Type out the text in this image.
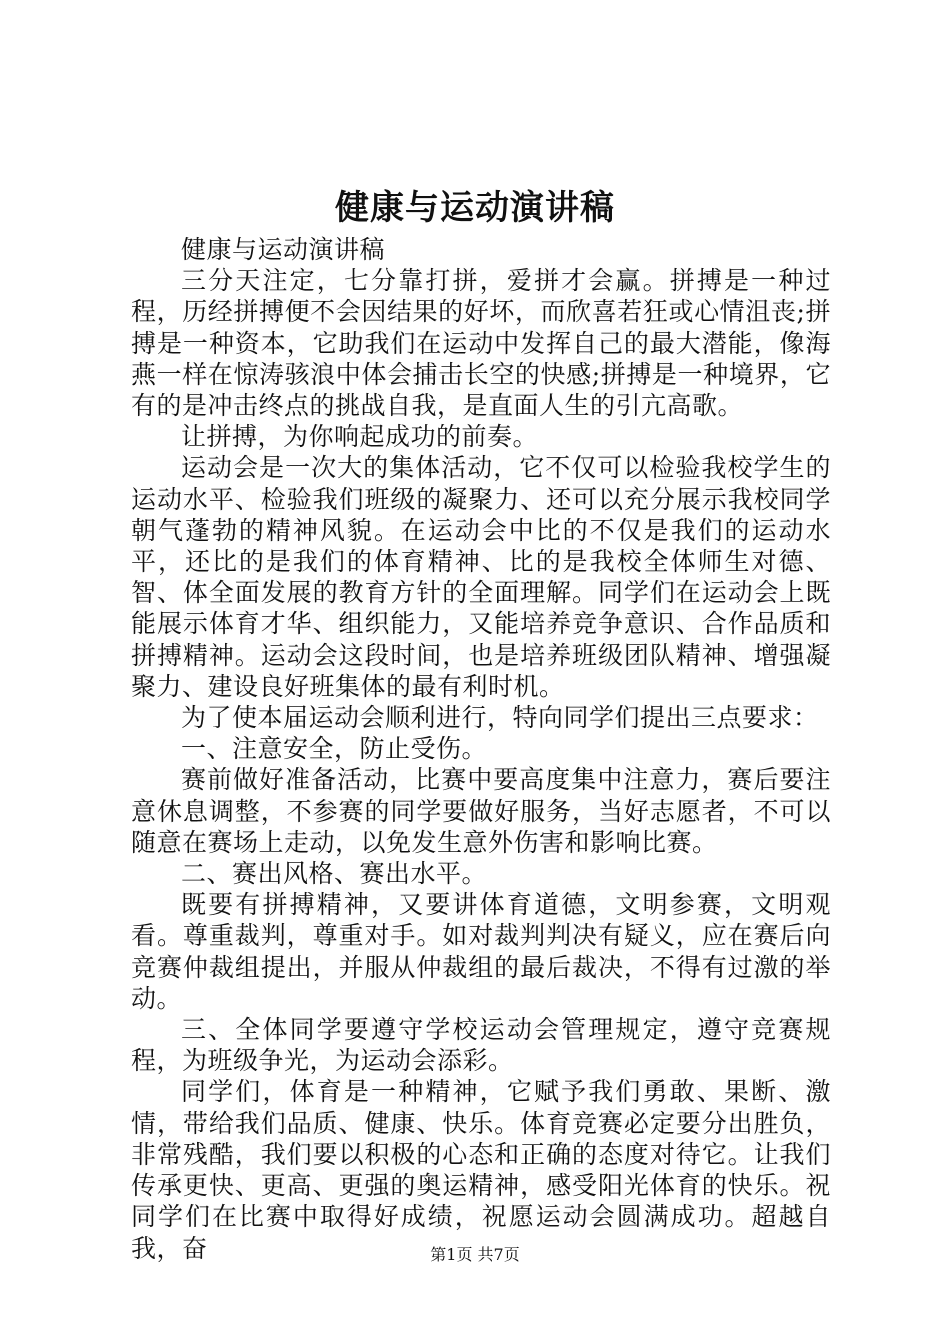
健康与运动演讲稿

健康与运动演讲稿

三分天注定，七分靠打拼，爱拼才会赢。拼搏是一种过程，历经拼搏便不会因结果的好坏，而欣喜若狂或心情沮丧;拼搏是一种资本，它助我们在运动中发挥自己的最大潜能，像海燕一样在惊涛骇浪中体会捕击长空的快感;拼搏是一种境界，它有的是冲击终点的挑战自我，是直面人生的引亢高歌。

让拼搏，为你响起成功的前奏。

运动会是一次大的集体活动，它不仅可以检验我校学生的运动水平、检验我们班级的凝聚力、还可以充分展示我校同学朝气蓬勃的精神风貌。在运动会中比的不仅是我们的运动水平，还比的是我们的体育精神、比的是我校全体师生对德、智、体全面发展的教育方针的全面理解。同学们在运动会上既能展示体育才华、组织能力，又能培养竞争意识、合作品质和拼搏精神。运动会这段时间，也是培养班级团队精神、增强凝聚力、建设良好班集体的最有利时机。

为了使本届运动会顺利进行，特向同学们提出三点要求：

一、注意安全，防止受伤。

赛前做好准备活动，比赛中要高度集中注意力，赛后要注意休息调整，不参赛的同学要做好服务，当好志愿者，不可以随意在赛场上走动，以免发生意外伤害和影响比赛。

二、赛出风格、赛出水平。

既要有拼搏精神，又要讲体育道德，文明参赛，文明观看。尊重裁判，尊重对手。如对裁判判决有疑义，应在赛后向竞赛仲裁组提出，并服从仲裁组的最后裁决，不得有过激的举动。

三、全体同学要遵守学校运动会管理规定，遵守竞赛规程，为班级争光，为运动会添彩。

同学们，体育是一种精神，它赋予我们勇敢、果断、激情，带给我们品质、健康、快乐。体育竞赛必定要分出胜负，非常残酷，我们要以积极的心态和正确的态度对待它。让我们传承更快、更高、更强的奥运精神，感受阳光体育的快乐。祝同学们在比赛中取得好成绩，祝愿运动会圆满成功。超越自我，奋	第1页 共7页
